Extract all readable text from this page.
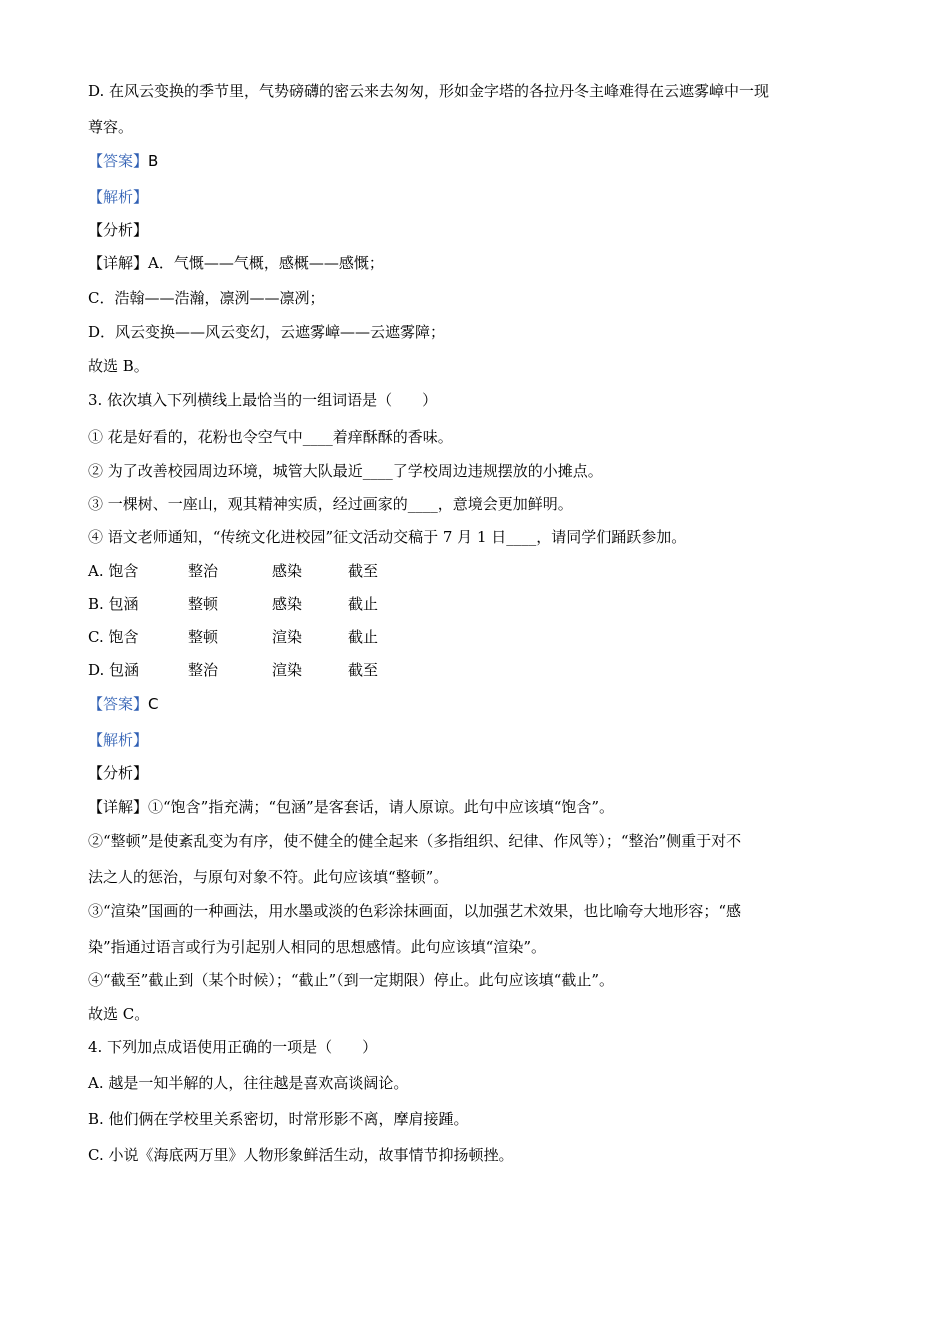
D. 在风云变换的季节里，气势磅礴的密云来去匆匆，形如金字塔的各拉丹冬主峰难得在云遮雾嶂中一现
尊容。
【答案】B
【解析】
【分析】
【详解】A．气慨——气概，感概——感慨；
C．浩翰——浩瀚，凛洌——凛冽；
D．风云变换——风云变幻，云遮雾嶂——云遮雾障；
故选 B。
3. 依次填入下列横线上最恰当的一组词语是（　　）
① 花是好看的，花粉也令空气中____着痒酥酥的香味。
② 为了改善校园周边环境，城管大队最近____了学校周边违规摆放的小摊点。
③ 一棵树、一座山，观其精神实质，经过画家的____，意境会更加鲜明。
④ 语文老师通知，“传统文化进校园”征文活动交稿于 7 月 1 日____，请同学们踊跃参加。
A. 饱含	整治	感染	截至
B. 包涵	整顿	感染	截止
C. 饱含	整顿	渲染	截止
D. 包涵	整治	渲染	截至
【答案】C
【解析】
【分析】
【详解】①“饱含”指充满；“包涵”是客套话，请人原谅。此句中应该填“饱含”。
②“整顿”是使紊乱变为有序，使不健全的健全起来（多指组织、纪律、作风等）；“整治”侧重于对不
法之人的惩治，与原句对象不符。此句应该填“整顿”。
③“渲染”国画的一种画法，用水墨或淡的色彩涂抹画面，以加强艺术效果，也比喻夸大地形容；“感
染”指通过语言或行为引起别人相同的思想感情。此句应该填“渲染”。
④“截至”截止到（某个时候）；“截止”（到一定期限）停止。此句应该填“截止”。
故选 C。
4. 下列加点成语使用正确的一项是（　　）
A. 越是一知半解的人，往往越是喜欢高谈阔论。
B. 他们俩在学校里关系密切，时常形影不离，摩肩接踵。
C. 小说《海底两万里》人物形象鲜活生动，故事情节抑扬顿挫。
